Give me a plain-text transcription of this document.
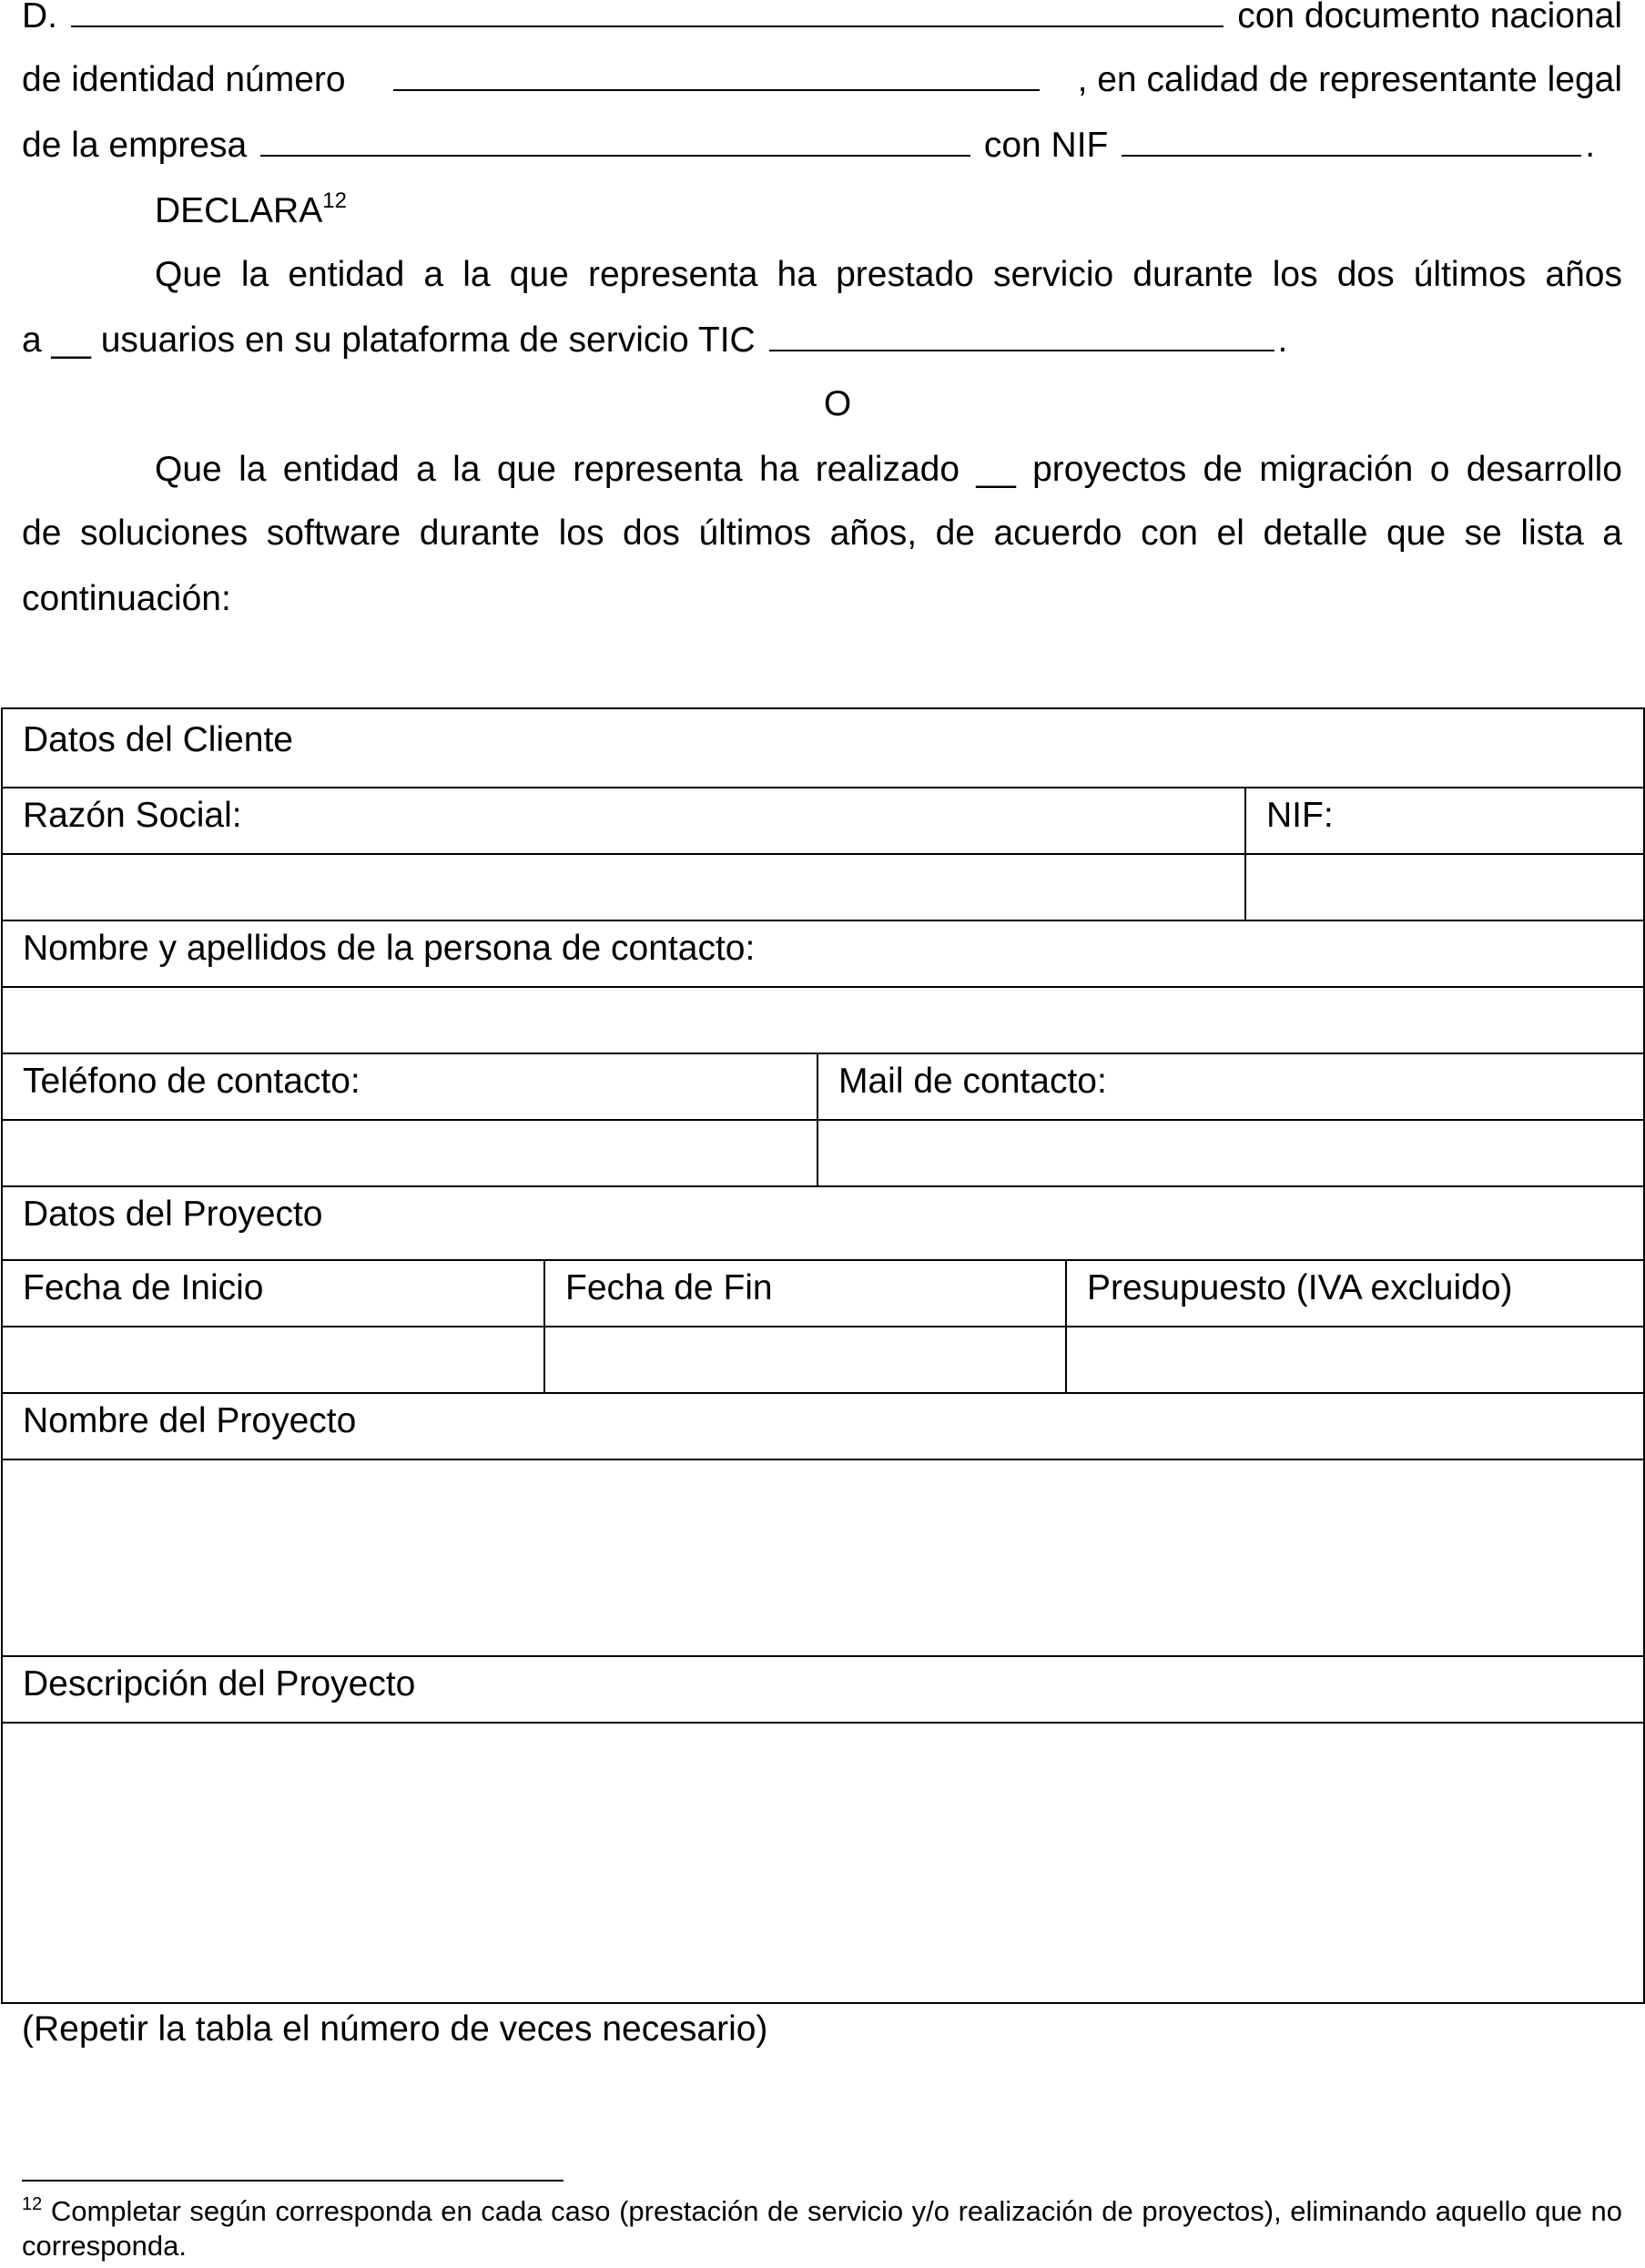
D.	con documento nacional
de identidad número	, en calidad de representante legal
de la empresa	con NIF	.
DECLARA$^{12}$
Que la entidad a la que representa ha prestado servicio durante los dos últimos años
a __ usuarios en su plataforma de servicio TIC	.
O
Que la entidad a la que representa ha realizado __ proyectos de migración o desarrollo
de soluciones software durante los dos últimos años, de acuerdo con el detalle que se lista a
continuación:
Datos del Cliente				
Razón Social:				NIF:

Nombre y apellidos de la persona de contacto:				

Teléfono de contacto:		Mail de contacto:		

Datos del Proyecto				
Fecha de Inicio	Fecha de Fin		Presupuesto (IVA excluido)	

Nombre del Proyecto				

Descripción del Proyecto				

(Repetir la tabla el número de veces necesario)
$^{12}$ Completar según corresponda en cada caso (prestación de servicio y/o realización de proyectos), eliminando aquello que no corresponda.
